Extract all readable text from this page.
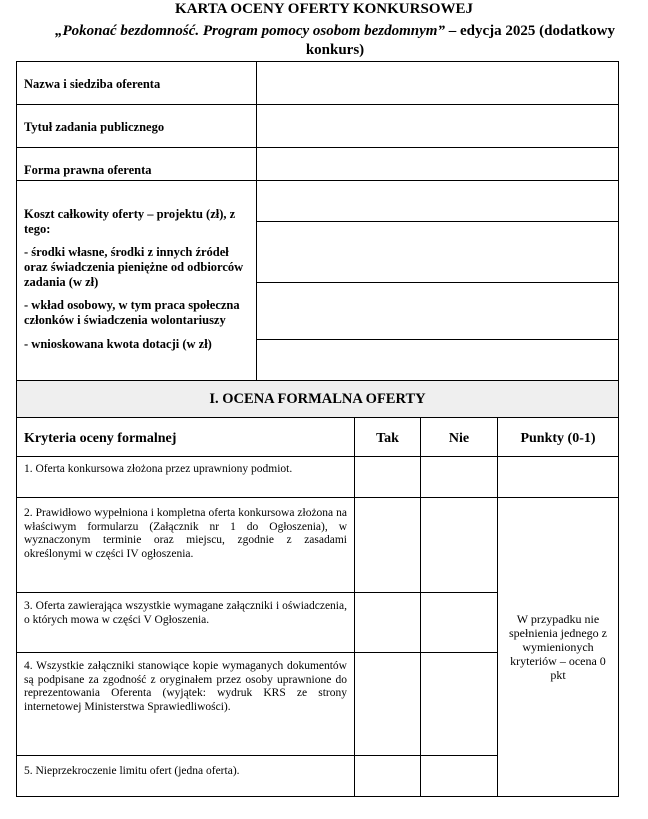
KARTA OCENY OFERTY KONKURSOWEJ
„Pokonać bezdomność. Program pomocy osobom bezdomnym” – edycja 2025 (dodatkowy konkurs)
Nazwa i siedziba oferenta
Tytuł zadania publicznego
Forma prawna oferenta
Koszt całkowity oferty – projektu (zł), z tego:
- środki własne, środki z innych źródeł oraz świadczenia pieniężne od odbiorców zadania (w zł)
- wkład osobowy, w tym praca społeczna członków i świadczenia wolontariuszy
- wnioskowana kwota dotacji (w zł)
I. OCENA FORMALNA OFERTY
Kryteria oceny formalnej	Tak	Nie	Punkty (0-1)
1. Oferta konkursowa złożona przez uprawniony podmiot.
2. Prawidłowo wypełniona i kompletna oferta konkursowa złożona na właściwym formularzu (Załącznik nr 1 do Ogłoszenia), w wyznaczonym terminie oraz miejscu, zgodnie z zasadami określonymi w części IV ogłoszenia.
3. Oferta zawierająca wszystkie wymagane załączniki i oświadczenia, o których mowa w części V Ogłoszenia.
4. Wszystkie załączniki stanowiące kopie wymaganych dokumentów są podpisane za zgodność z oryginałem przez osoby uprawnione do reprezentowania Oferenta (wyjątek: wydruk KRS ze strony internetowej Ministerstwa Sprawiedliwości).
5. Nieprzekroczenie limitu ofert (jedna oferta).
W przypadku nie spełnienia jednego z wymienionych kryteriów – ocena 0 pkt
